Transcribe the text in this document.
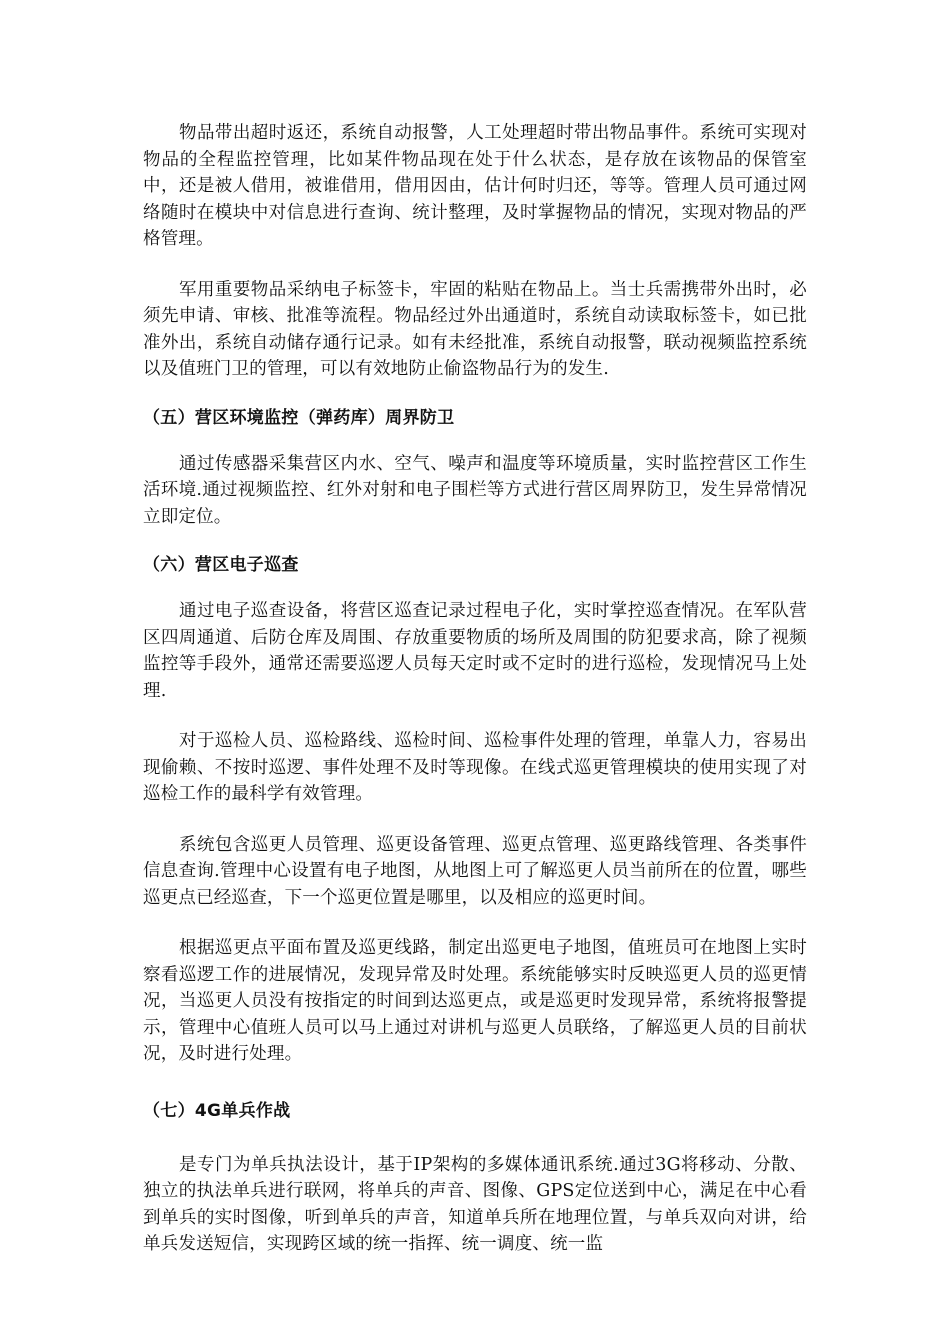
物品带出超时返还，系统自动报警，人工处理超时带出物品事件。系统可实现对物品的全程监控管理，比如某件物品现在处于什么状态，是存放在该物品的保管室中，还是被人借用，被谁借用，借用因由，估计何时归还，等等。管理人员可通过网络随时在模块中对信息进行查询、统计整理，及时掌握物品的情况，实现对物品的严格管理。

军用重要物品采纳电子标签卡，牢固的粘贴在物品上。当士兵需携带外出时，必须先申请、审核、批准等流程。物品经过外出通道时，系统自动读取标签卡，如已批准外出，系统自动储存通行记录。如有未经批准，系统自动报警，联动视频监控系统以及值班门卫的管理，可以有效地防止偷盗物品行为的发生.

（五）营区环境监控（弹药库）周界防卫

通过传感器采集营区内水、空气、噪声和温度等环境质量，实时监控营区工作生活环境.通过视频监控、红外对射和电子围栏等方式进行营区周界防卫，发生异常情况立即定位。

（六）营区电子巡查

通过电子巡查设备，将营区巡查记录过程电子化，实时掌控巡查情况。在军队营区四周通道、后防仓库及周围、存放重要物质的场所及周围的防犯要求高，除了视频监控等手段外，通常还需要巡逻人员每天定时或不定时的进行巡检，发现情况马上处理.

对于巡检人员、巡检路线、巡检时间、巡检事件处理的管理，单靠人力，容易出现偷赖、不按时巡逻、事件处理不及时等现像。在线式巡更管理模块的使用实现了对巡检工作的最科学有效管理。

系统包含巡更人员管理、巡更设备管理、巡更点管理、巡更路线管理、各类事件信息查询.管理中心设置有电子地图，从地图上可了解巡更人员当前所在的位置，哪些巡更点已经巡查，下一个巡更位置是哪里，以及相应的巡更时间。

根据巡更点平面布置及巡更线路，制定出巡更电子地图，值班员可在地图上实时察看巡逻工作的进展情况，发现异常及时处理。系统能够实时反映巡更人员的巡更情况，当巡更人员没有按指定的时间到达巡更点，或是巡更时发现异常，系统将报警提示，管理中心值班人员可以马上通过对讲机与巡更人员联络，了解巡更人员的目前状况，及时进行处理。

（七）4G单兵作战

是专门为单兵执法设计，基于IP架构的多媒体通讯系统.通过3G将移动、分散、独立的执法单兵进行联网，将单兵的声音、图像、GPS定位送到中心，满足在中心看到单兵的实时图像，听到单兵的声音，知道单兵所在地理位置，与单兵双向对讲，给单兵发送短信，实现跨区域的统一指挥、统一调度、统一监
